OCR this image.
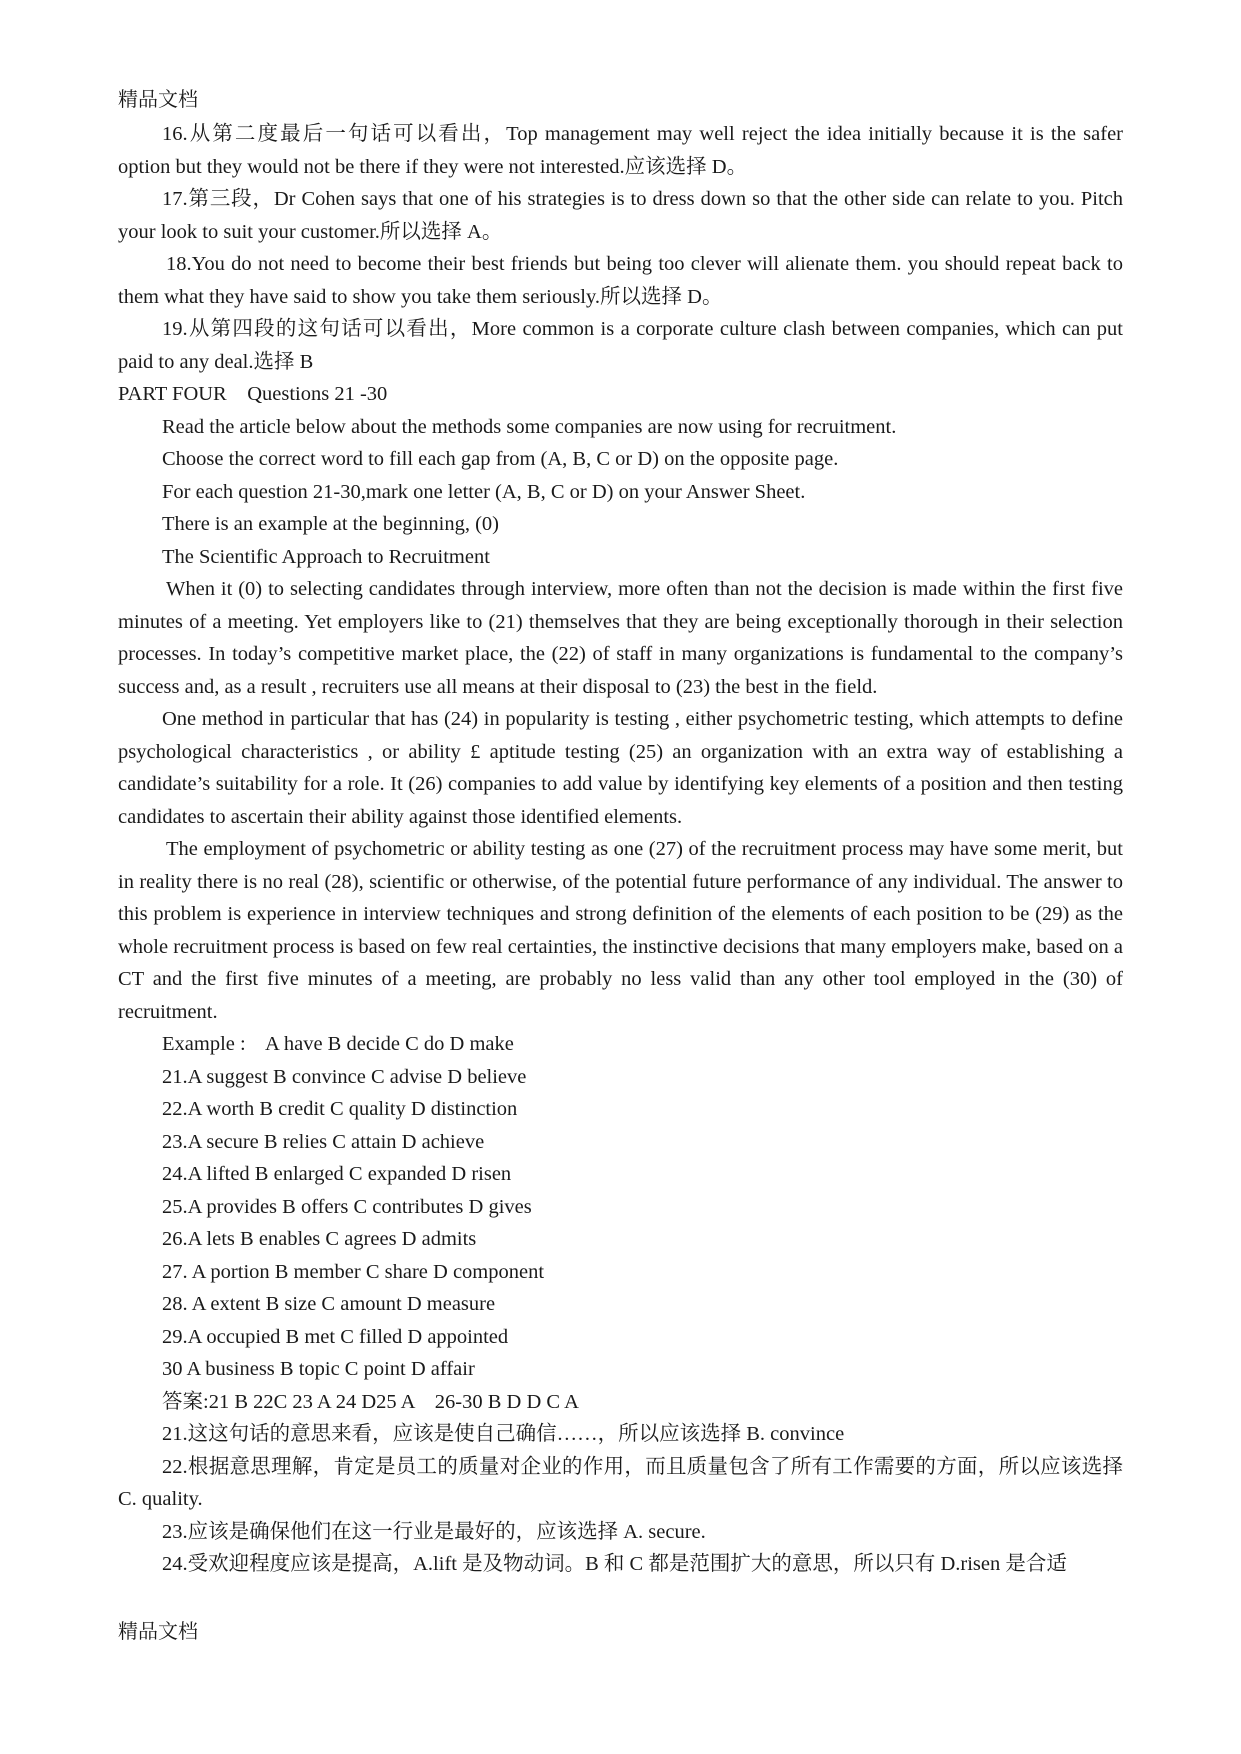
精品文档

16.从第二度最后一句话可以看出，Top management may well reject the idea initially because it is the safer option but they would not be there if they were not interested.应该选择 D。

17.第三段，Dr Cohen says that one of his strategies is to dress down so that the other side can relate to you. Pitch your look to suit your customer.所以选择 A。

18.You do not need to become their best friends but being too clever will alienate them. you should repeat back to them what they have said to show you take them seriously.所以选择 D。

19.从第四段的这句话可以看出，More common is a corporate culture clash between companies, which can put paid to any deal.选择 B

PART FOUR    Questions 21 -30

Read the article below about the methods some companies are now using for recruitment.

Choose the correct word to fill each gap from (A, B, C or D) on the opposite page.

For each question 21-30,mark one letter (A, B, C or D) on your Answer Sheet.

There is an example at the beginning, (0)

The Scientific Approach to Recruitment

When it (0) to selecting candidates through interview, more often than not the decision is made within the first five minutes of a meeting. Yet employers like to (21) themselves that they are being exceptionally thorough in their selection processes. In today’s competitive market place, the (22) of staff in many organizations is fundamental to the company’s success and, as a result , recruiters use all means at their disposal to (23) the best in the field.

One method in particular that has (24) in popularity is testing , either psychometric testing, which attempts to define psychological characteristics , or ability £ aptitude testing (25) an organization with an extra way of establishing a candidate’s suitability for a role. It (26) companies to add value by identifying key elements of a position and then testing candidates to ascertain their ability against those identified elements.

The employment of psychometric or ability testing as one (27) of the recruitment process may have some merit, but in reality there is no real (28), scientific or otherwise, of the potential future performance of any individual. The answer to this problem is experience in interview techniques and strong definition of the elements of each position to be (29) as the whole recruitment process is based on few real certainties, the instinctive decisions that many employers make, based on a CT and the first five minutes of a meeting, are probably no less valid than any other tool employed in the (30) of recruitment.

Example :    A have B decide C do D make

21.A suggest B convince C advise D believe

22.A worth B credit C quality D distinction

23.A secure B relies C attain D achieve

24.A lifted B enlarged C expanded D risen

25.A provides B offers C contributes D gives

26.A lets B enables C agrees D admits

27. A portion B member C share D component

28. A extent B size C amount D measure

29.A occupied B met C filled D appointed

30 A business B topic C point D affair

答案:21 B 22C 23 A 24 D25 A    26-30 B D D C A

21.这这句话的意思来看，应该是使自己确信……，所以应该选择 B. convince

22.根据意思理解，肯定是员工的质量对企业的作用，而且质量包含了所有工作需要的方面，所以应该选择 C. quality.

23.应该是确保他们在这一行业是最好的，应该选择 A. secure.

24.受欢迎程度应该是提高，A.lift 是及物动词。B 和 C 都是范围扩大的意思，所以只有 D.risen 是合适

精品文档
